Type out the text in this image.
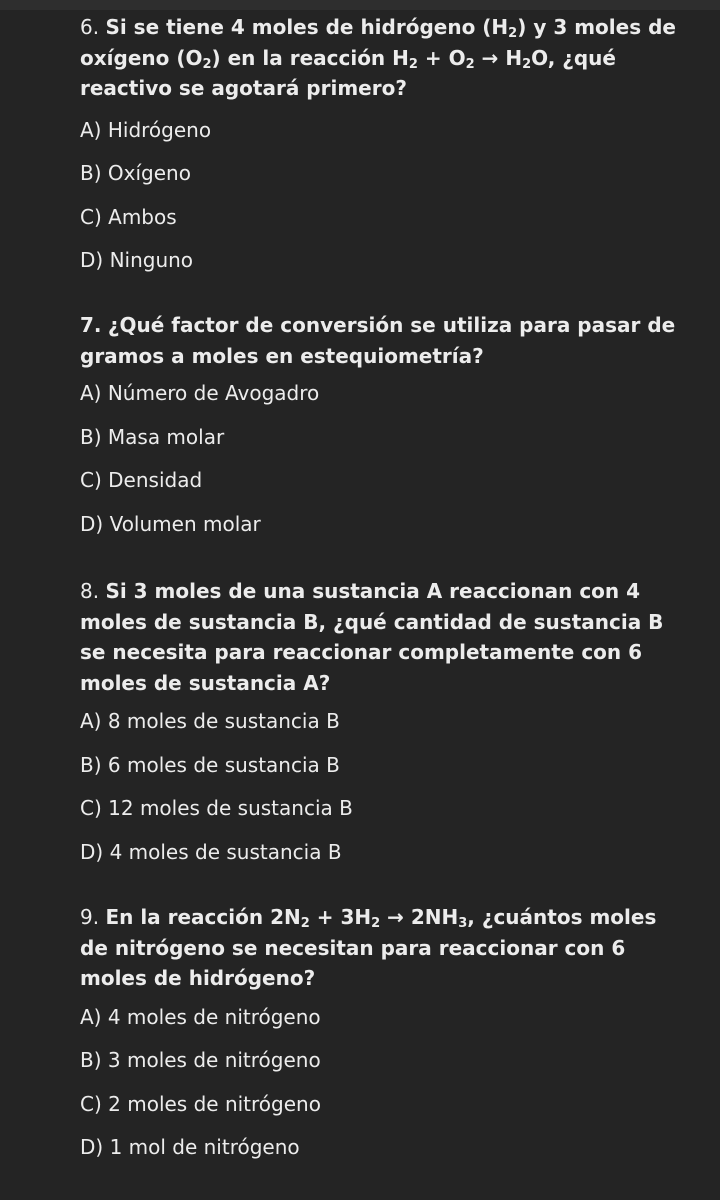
6. Si se tiene 4 moles de hidrógeno $(H_2)$ y 3 moles de oxígeno $(O_2)$ en la reacción $H_2 + O_2 \to H_2O$, ¿qué reactivo se agotará primero?

A) Hidrógeno
B) Oxígeno
C) Ambos
D) Ninguno

7. ¿Qué factor de conversión se utiliza para pasar de gramos a moles en estequiometría?

A) Número de Avogadro
B) Masa molar
C) Densidad
D) Volumen molar

8. Si 3 moles de una sustancia A reaccionan con 4 moles de sustancia B, ¿qué cantidad de sustancia B se necesita para reaccionar completamente con 6 moles de sustancia A?

A) 8 moles de sustancia B
B) 6 moles de sustancia B
C) 12 moles de sustancia B
D) 4 moles de sustancia B

9. En la reacción $2N_2 + 3H_2 \to 2NH_3$, ¿cuántos moles de nitrógeno se necesitan para reaccionar con 6 moles de hidrógeno?

A) 4 moles de nitrógeno
B) 3 moles de nitrógeno
C) 2 moles de nitrógeno
D) 1 mol de nitrógeno
